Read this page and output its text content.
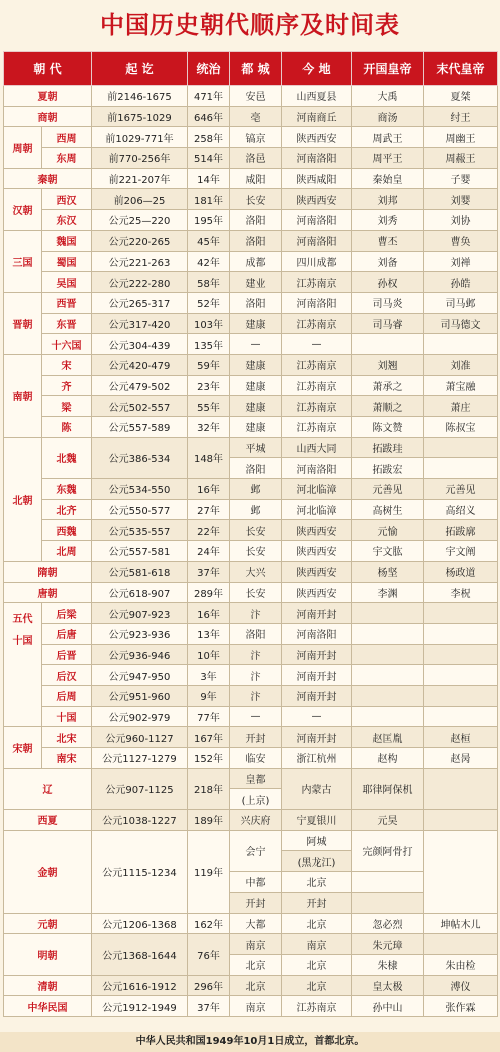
中国历史朝代顺序及时间表
朝 代		起 讫	统治	都 城	今 地	开国皇帝	末代皇帝
夏朝		前2146-1675	471年	安邑	山西夏县	大禹	夏桀
商朝		前1675-1029	646年	亳	河南商丘	商汤	纣王
周朝	西周	前1029-771年	258年	镐京	陕西西安	周武王	周幽王
	东周	前770-256年	514年	洛邑	河南洛阳	周平王	周赧王
秦朝		前221-207年	14年	咸阳	陕西咸阳	秦始皇	子婴
汉朝	西汉	前206—25	181年	长安	陕西西安	刘邦	刘婴
	东汉	公元25—220	195年	洛阳	河南洛阳	刘秀	刘协
三国	魏国	公元220-265	45年	洛阳	河南洛阳	曹丕	曹奂
	蜀国	公元221-263	42年	成都	四川成都	刘备	刘禅
	吴国	公元222-280	58年	建业	江苏南京	孙权	孙皓
晋朝	西晋	公元265-317	52年	洛阳	河南洛阳	司马炎	司马邺
	东晋	公元317-420	103年	建康	江苏南京	司马睿	司马德文
	十六国	公元304-439	135年	—	—		
南朝	宋	公元420-479	59年	建康	江苏南京	刘翘	刘准
	齐	公元479-502	23年	建康	江苏南京	萧承之	萧宝融
	梁	公元502-557	55年	建康	江苏南京	萧顺之	萧庄
	陈	公元557-589	32年	建康	江苏南京	陈文赞	陈叔宝
北朝	北魏	公元386-534	148年	平城	山西大同	拓跋珪	
				洛阳	河南洛阳	拓跋宏	
	东魏	公元534-550	16年	邺	河北临漳	元善见	元善见
	北齐	公元550-577	27年	邺	河北临漳	高树生	高绍义
	西魏	公元535-557	22年	长安	陕西西安	元愉	拓跋廓
	北周	公元557-581	24年	长安	陕西西安	宇文肱	宇文阐
隋朝		公元581-618	37年	大兴	陕西西安	杨坚	杨政道
唐朝		公元618-907	289年	长安	陕西西安	李渊	李柷
五代
十国	后梁	公元907-923	16年	汴	河南开封		
	后唐	公元923-936	13年	洛阳	河南洛阳		
	后晋	公元936-946	10年	汴	河南开封		
	后汉	公元947-950	3年	汴	河南开封		
	后周	公元951-960	9年	汴	河南开封		
	十国	公元902-979	77年	—	—		
宋朝	北宋	公元960-1127	167年	开封	河南开封	赵匡胤	赵桓
	南宋	公元1127-1279	152年	临安	浙江杭州	赵构	赵昺
辽		公元907-1125	218年	皇都	内蒙古	耶律阿保机	
				(上京)			
西夏		公元1038-1227	189年	兴庆府	宁夏银川	元昊	
金朝		公元1115-1234	119年	会宁	阿城	完颜阿骨打	
					(黑龙江)		
				中都	北京		
				开封	开封		
元朝		公元1206-1368	162年	大都	北京	忽必烈	坤帖木儿
明朝		公元1368-1644	76年	南京	南京	朱元璋	
				北京	北京	朱棣	朱由检
清朝		公元1616-1912	296年	北京	北京	皇太极	溥仪
中华民国		公元1912-1949	37年	南京	江苏南京	孙中山	张作霖
中华人民共和国1949年10月1日成立，首都北京。
